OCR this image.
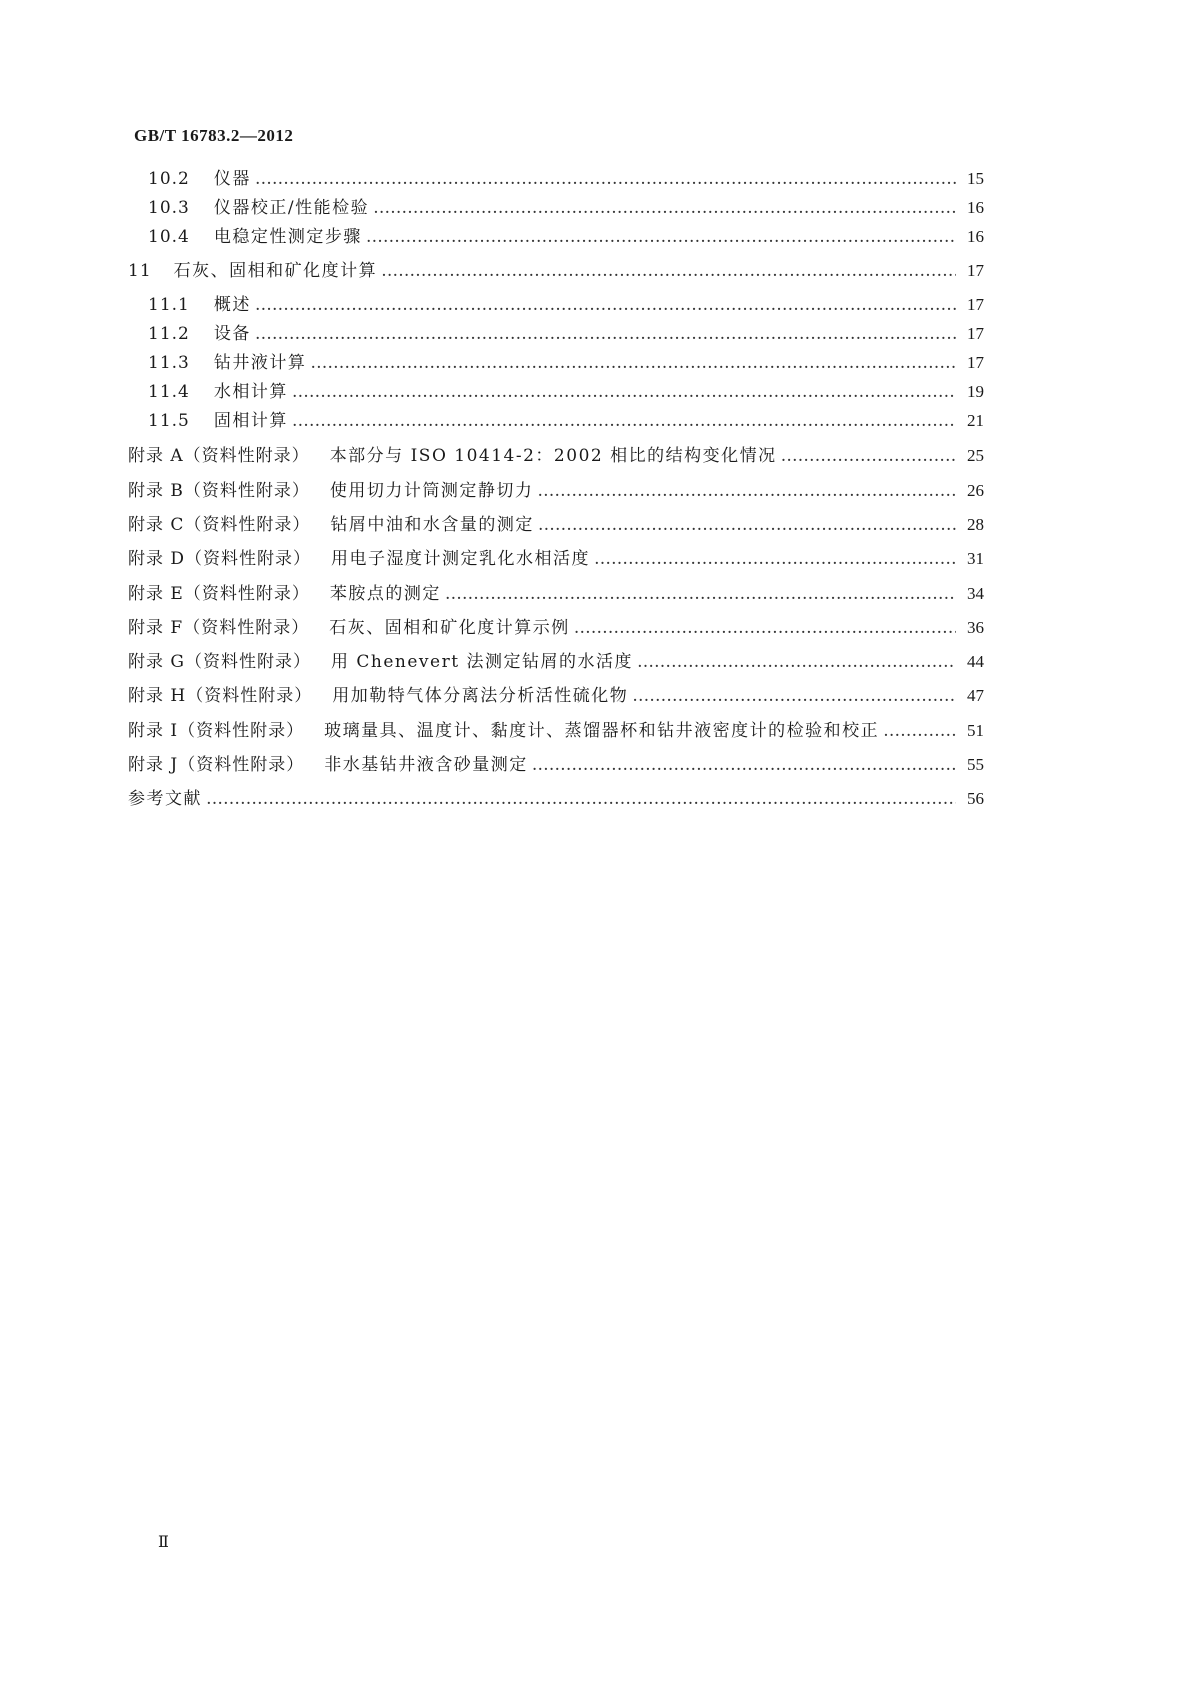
GB/T 16783.2—2012
10.2 仪器 …………………………………………………………………………………………………………………………………………………………………………………………………………………………………………………………………………………………	15
10.3 仪器校正/性能检验 …………………………………………………………………………………………………………………………………………………………………………………………………………………………………………………………………………………………	16
10.4 电稳定性测定步骤 …………………………………………………………………………………………………………………………………………………………………………………………………………………………………………………………………………………………	16
11 石灰、固相和矿化度计算 …………………………………………………………………………………………………………………………………………………………………………………………………………………………………………………………………………………………	17
11.1 概述 …………………………………………………………………………………………………………………………………………………………………………………………………………………………………………………………………………………………	17
11.2 设备 …………………………………………………………………………………………………………………………………………………………………………………………………………………………………………………………………………………………	17
11.3 钻井液计算 …………………………………………………………………………………………………………………………………………………………………………………………………………………………………………………………………………………………	17
11.4 水相计算 …………………………………………………………………………………………………………………………………………………………………………………………………………………………………………………………………………………………	19
11.5 固相计算 …………………………………………………………………………………………………………………………………………………………………………………………………………………………………………………………………………………………	21
附录 A（资料性附录） 本部分与 ISO 10414-2：2002 相比的结构变化情况 …………………………………………………………………………………………………………………………………………………………………………………………………………………………………………………………………………………………	25
附录 B（资料性附录） 使用切力计筒测定静切力 …………………………………………………………………………………………………………………………………………………………………………………………………………………………………………………………………………………………	26
附录 C（资料性附录） 钻屑中油和水含量的测定 …………………………………………………………………………………………………………………………………………………………………………………………………………………………………………………………………………………………	28
附录 D（资料性附录） 用电子湿度计测定乳化水相活度 …………………………………………………………………………………………………………………………………………………………………………………………………………………………………………………………………………………………	31
附录 E（资料性附录） 苯胺点的测定 …………………………………………………………………………………………………………………………………………………………………………………………………………………………………………………………………………………………	34
附录 F（资料性附录） 石灰、固相和矿化度计算示例 …………………………………………………………………………………………………………………………………………………………………………………………………………………………………………………………………………………………	36
附录 G（资料性附录） 用 Chenevert 法测定钻屑的水活度 …………………………………………………………………………………………………………………………………………………………………………………………………………………………………………………………………………………………	44
附录 H（资料性附录） 用加勒特气体分离法分析活性硫化物 …………………………………………………………………………………………………………………………………………………………………………………………………………………………………………………………………………………………	47
附录 I（资料性附录） 玻璃量具、温度计、黏度计、蒸馏器杯和钻井液密度计的检验和校正 …………………………………………………………………………………………………………………………………………………………………………………………………………………………………………………………………………………………	51
附录 J（资料性附录） 非水基钻井液含砂量测定 …………………………………………………………………………………………………………………………………………………………………………………………………………………………………………………………………………………………	55
参考文献 …………………………………………………………………………………………………………………………………………………………………………………………………………………………………………………………………………………………	56
Ⅱ
